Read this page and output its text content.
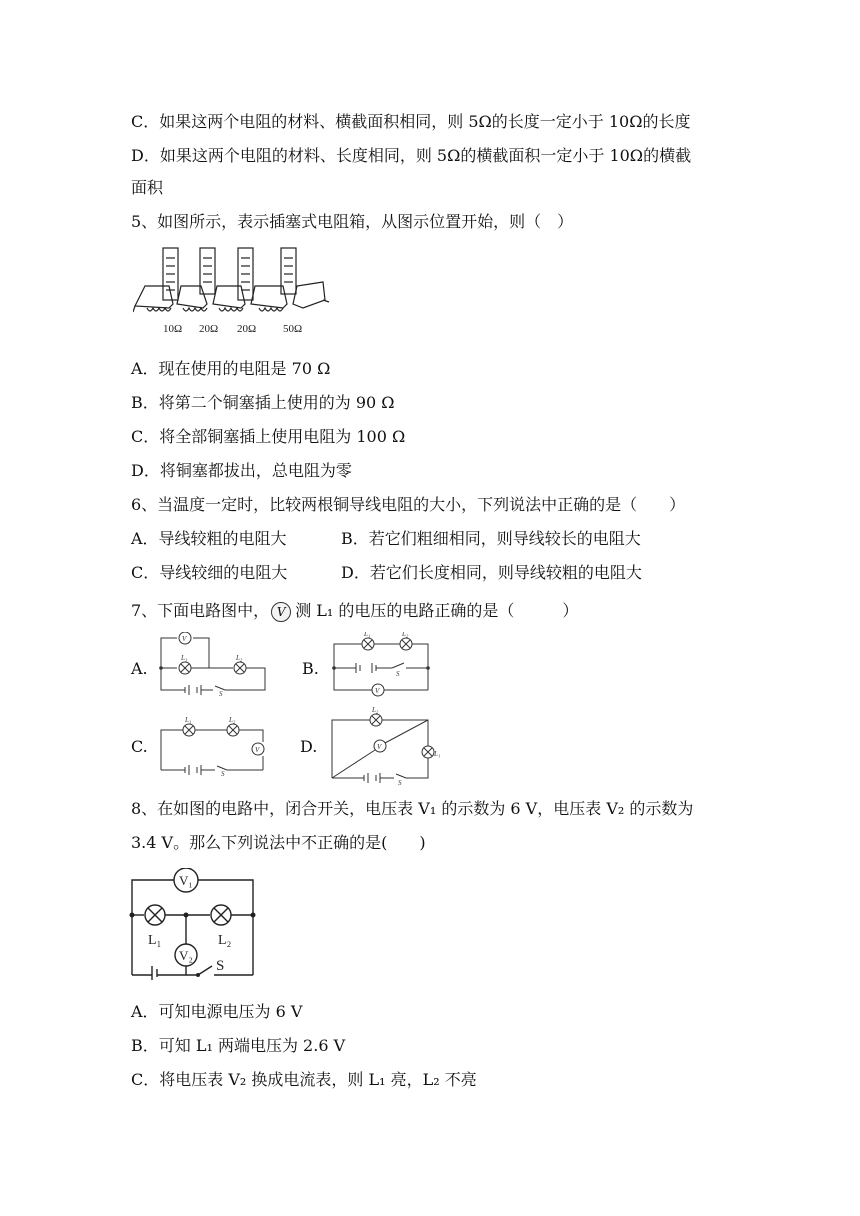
C．如果这两个电阻的材料、横截面积相同，则 5Ω的长度一定小于 10Ω的长度
D．如果这两个电阻的材料、长度相同，则 5Ω的横截面积一定小于 10Ω的横截
面积
5、如图所示，表示插塞式电阻箱，从图示位置开始，则（　）
10Ω 20Ω 20Ω 50Ω
A．现在使用的电阻是 70 Ω
B．将第二个铜塞插上使用的为 90 Ω
C．将全部铜塞插上使用电阻为 100 Ω
D．将铜塞都拔出，总电阻为零
6、当温度一定时，比较两根铜导线电阻的大小，下列说法中正确的是（　　）
A．导线较粗的电阻大	B．若它们粗细相同，则导线较长的电阻大
C．导线较细的电阻大	D．若它们长度相同，则导线较粗的电阻大
7、下面电路图中， V 测 L₁ 的电压的电路正确的是（　　　）
A.	B.
C.	D.
V
L₁	L₂
S
L₁	L₂
S
V
L₁	L₂
V
S
L₂
V
L₁
S
8、在如图的电路中，闭合开关，电压表 V₁ 的示数为 6 V，电压表 V₂ 的示数为
3.4 V。那么下列说法中不正确的是(　　)
V₁
V₂
L₁	L₂
S
A．可知电源电压为 6 V
B．可知 L₁ 两端电压为 2.6 V
C．将电压表 V₂ 换成电流表，则 L₁ 亮，L₂ 不亮
